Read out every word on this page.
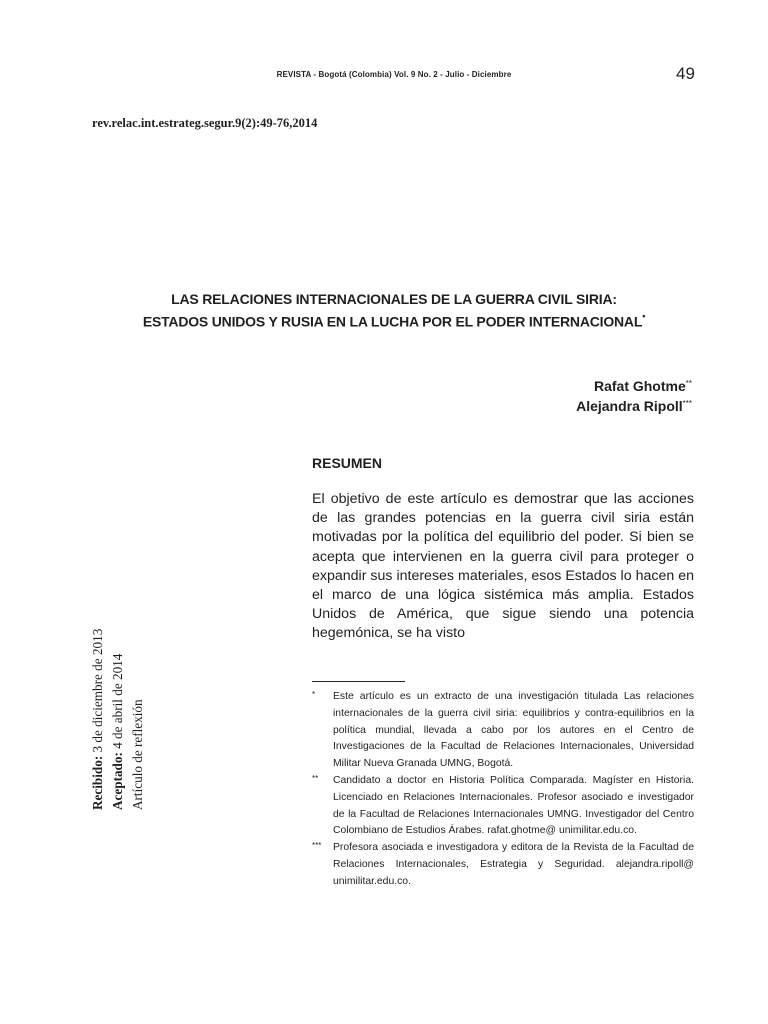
REVISTA - Bogotá (Colombia) Vol. 9 No. 2 - Julio - Diciembre	49
rev.relac.int.estrateg.segur.9(2):49-76,2014
LAS RELACIONES INTERNACIONALES DE LA GUERRA CIVIL SIRIA:
ESTADOS UNIDOS Y RUSIA EN LA LUCHA POR EL PODER INTERNACIONAL•
Rafat Ghotme**
Alejandra Ripoll***
RESUMEN

El objetivo de este artículo es demostrar que las acciones de las grandes potencias en la guerra civil siria están motivadas por la política del equilibrio del poder. Si bien se acepta que intervienen en la guerra civil para proteger o expandir sus intereses materiales, esos Estados lo hacen en el marco de una lógica sistémica más amplia. Estados Unidos de América, que sigue siendo una potencia hegemónica, se ha visto

* Este artículo es un extracto de una investigación titulada Las relaciones internacionales de la guerra civil siria: equilibrios y contra-equilibrios en la política mundial, llevada a cabo por los autores en el Centro de Investigaciones de la Facultad de Relaciones Internacionales, Universidad Militar Nueva Granada UMNG, Bogotá.
** Candidato a doctor en Historia Política Comparada. Magíster en Historia. Licenciado en Relaciones Internacionales. Profesor asociado e investigador de la Facultad de Relaciones Internacionales UMNG. Investigador del Centro Colombiano de Estudios Árabes. rafat.ghotme@ unimilitar.edu.co.
*** Profesora asociada e investigadora y editora de la Revista de la Facultad de Relaciones Internacionales, Estrategia y Seguridad. alejandra.ripoll@ unimilitar.edu.co.
Recibido: 3 de diciembre de 2013
Aceptado: 4 de abril de 2014 Artículo de reflexión
